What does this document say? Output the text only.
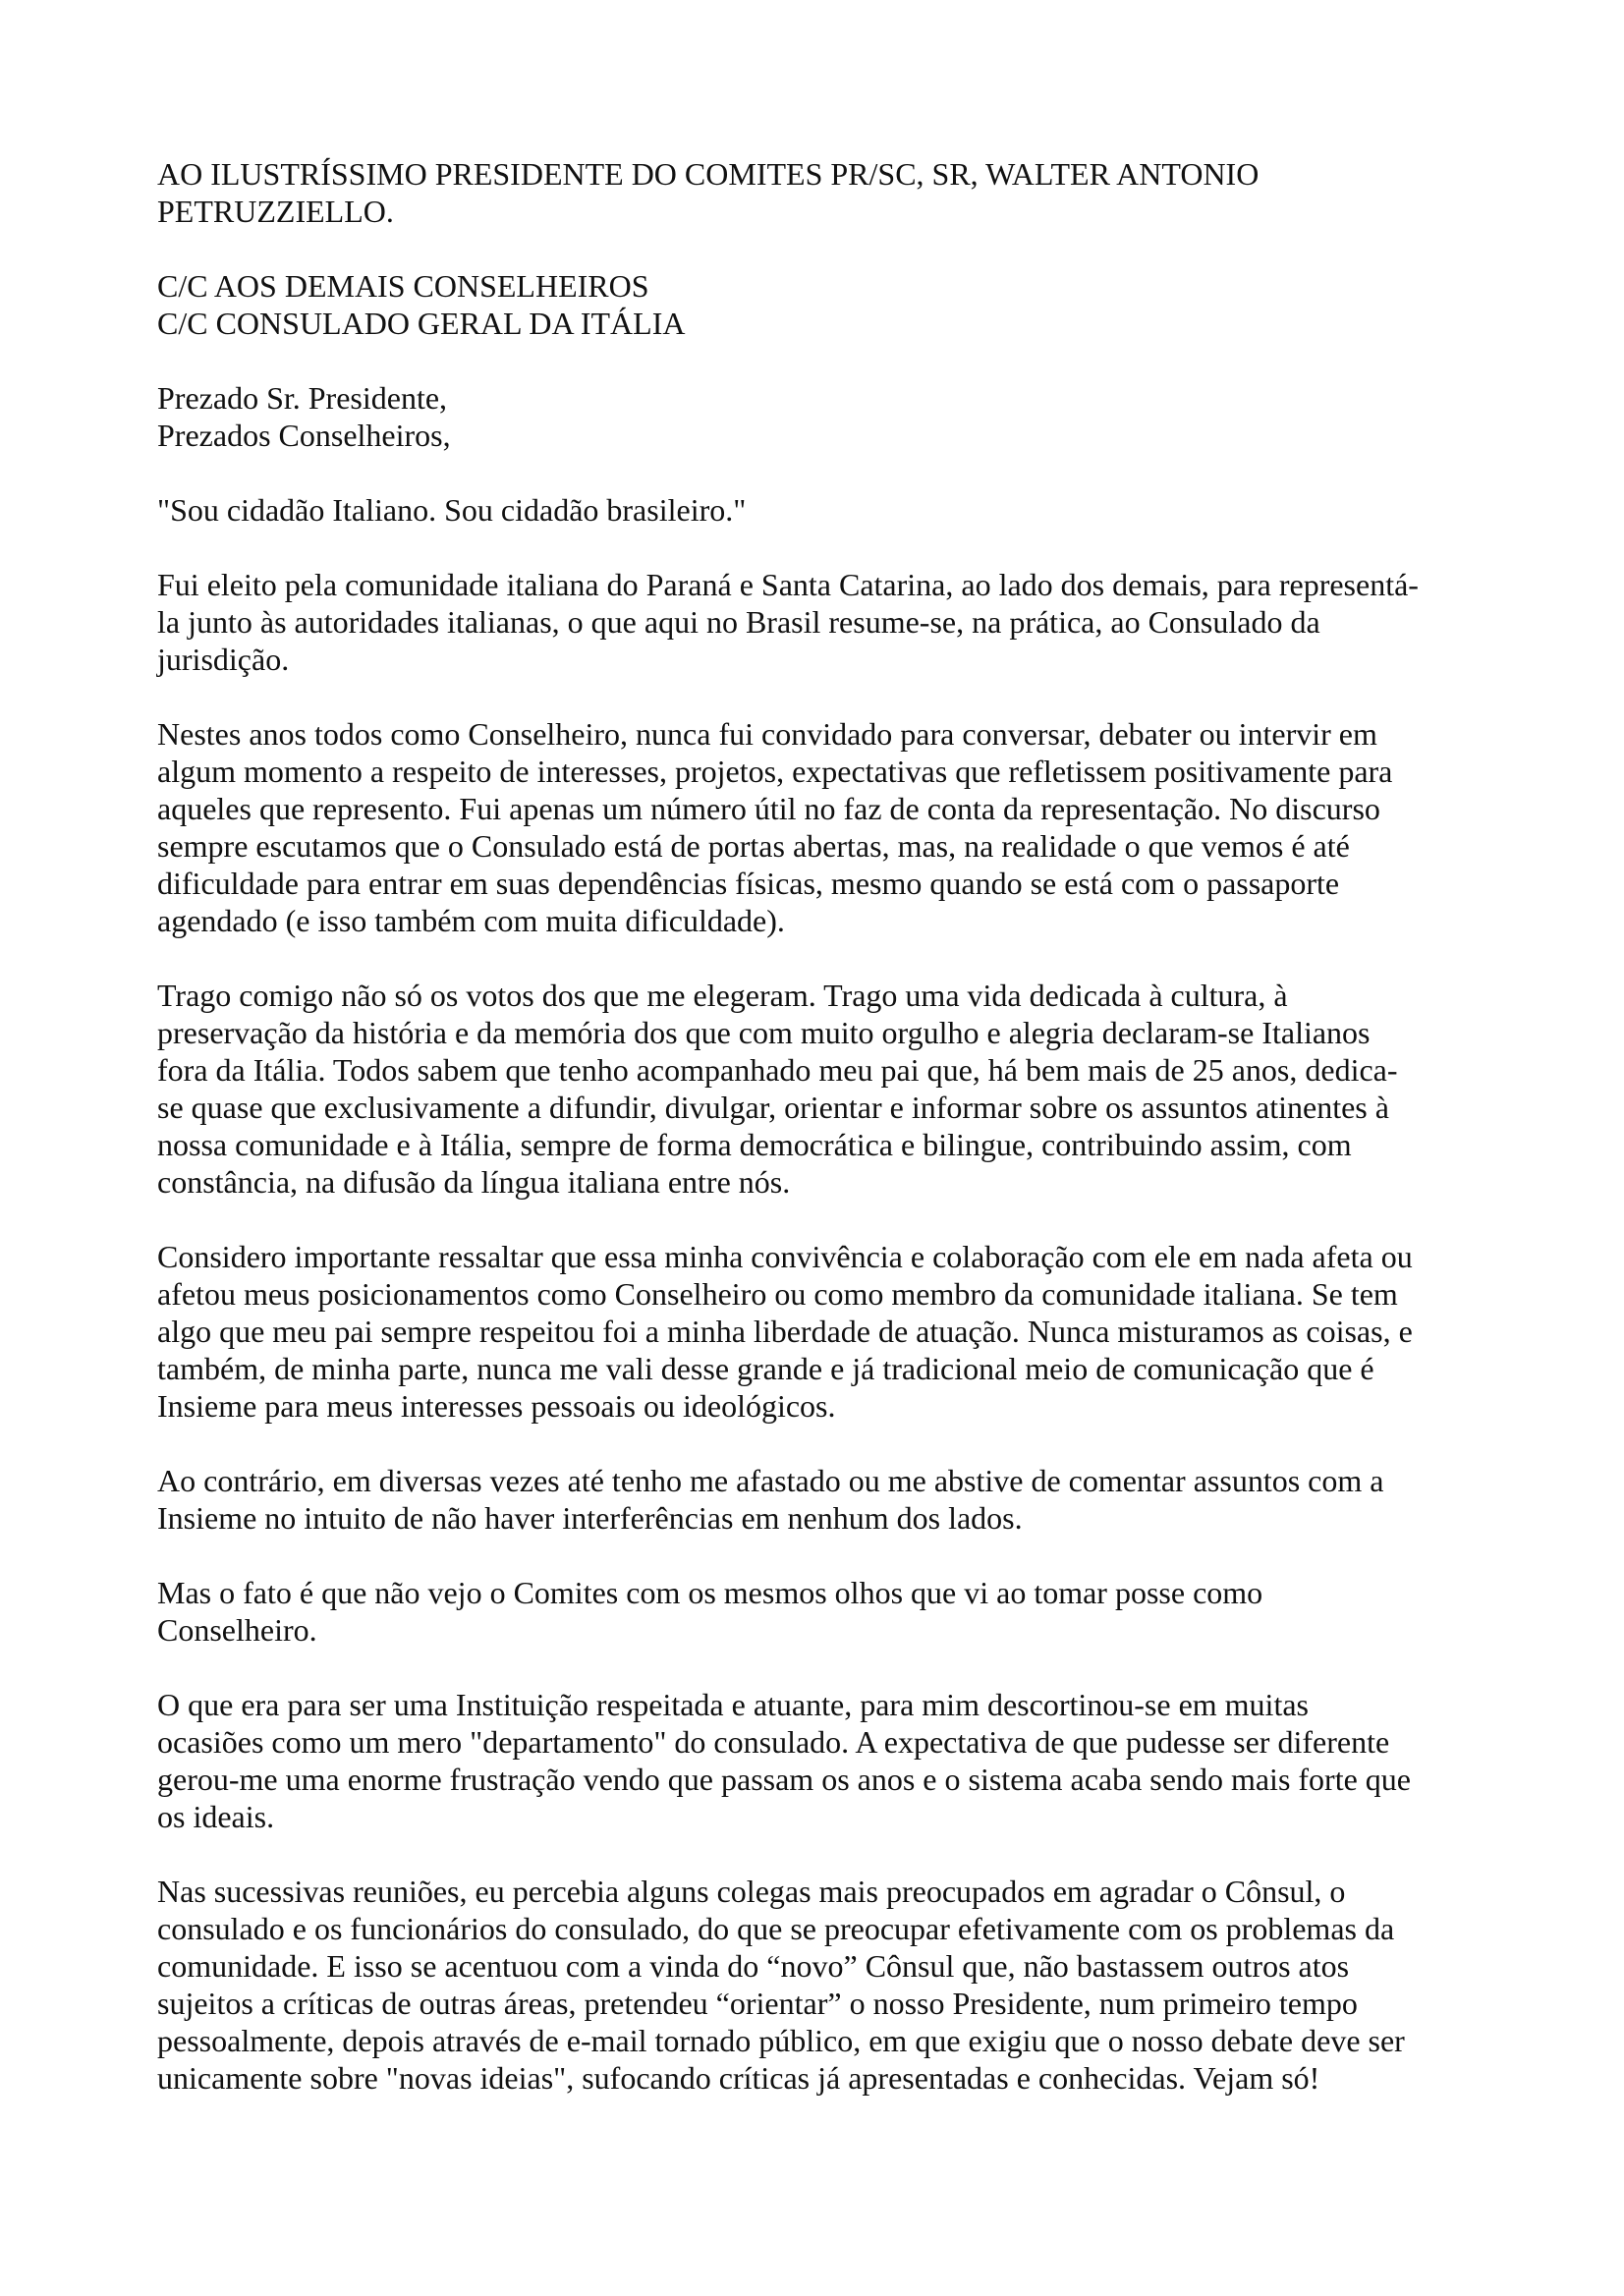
AO ILUSTRÍSSIMO PRESIDENTE DO COMITES PR/SC, SR, WALTER ANTONIO
PETRUZZIELLO.
C/C AOS DEMAIS CONSELHEIROS
C/C CONSULADO GERAL DA ITÁLIA
Prezado Sr. Presidente,
Prezados Conselheiros,
"Sou cidadão Italiano. Sou cidadão brasileiro."
Fui eleito pela comunidade italiana do Paraná e Santa Catarina, ao lado dos demais, para representá-
la junto às autoridades italianas, o que aqui no Brasil resume-se, na prática, ao Consulado da
jurisdição.
Nestes anos todos como Conselheiro, nunca fui convidado para conversar, debater ou intervir em
algum momento a respeito de interesses, projetos, expectativas que refletissem positivamente para
aqueles que represento. Fui apenas um número útil no faz de conta da representação. No discurso
sempre escutamos que o Consulado está de portas abertas, mas, na realidade o que vemos é até
dificuldade para entrar em suas dependências físicas, mesmo quando se está com o passaporte
agendado (e isso também com muita dificuldade).
Trago comigo não só os votos dos que me elegeram. Trago uma vida dedicada à cultura, à
preservação da história e da memória dos que com muito orgulho e alegria declaram-se Italianos
fora da Itália. Todos sabem que tenho acompanhado meu pai que, há bem mais de 25 anos, dedica-
se quase que exclusivamente a difundir, divulgar, orientar e informar sobre os assuntos atinentes à
nossa comunidade e à Itália, sempre de forma democrática e bilingue, contribuindo assim, com
constância, na difusão da língua italiana entre nós.
Considero importante ressaltar que essa minha convivência e colaboração com ele em nada afeta ou
afetou meus posicionamentos como Conselheiro ou como membro da comunidade italiana. Se tem
algo que meu pai sempre respeitou foi a minha liberdade de atuação. Nunca misturamos as coisas, e
também, de minha parte, nunca me vali desse grande e já tradicional meio de comunicação que é
Insieme para meus interesses pessoais ou ideológicos.
Ao contrário, em diversas vezes até tenho me afastado ou me abstive de comentar assuntos com a
Insieme no intuito de não haver interferências em nenhum dos lados.
Mas o fato é que não vejo o Comites com os mesmos olhos que vi ao tomar posse como
Conselheiro.
O que era para ser uma Instituição respeitada e atuante, para mim descortinou-se em muitas
ocasiões como um mero "departamento" do consulado. A expectativa de que pudesse ser diferente
gerou-me uma enorme frustração vendo que passam os anos e o sistema acaba sendo mais forte que
os ideais.
Nas sucessivas reuniões, eu percebia alguns colegas mais preocupados em agradar o Cônsul, o
consulado e os funcionários do consulado, do que se preocupar efetivamente com os problemas da
comunidade. E isso se acentuou com a vinda do “novo” Cônsul que, não bastassem outros atos
sujeitos a críticas de outras áreas, pretendeu “orientar” o nosso Presidente, num primeiro tempo
pessoalmente, depois através de e-mail tornado público, em que exigiu que o nosso debate deve ser
unicamente sobre "novas ideias", sufocando críticas já apresentadas e conhecidas. Vejam só!
